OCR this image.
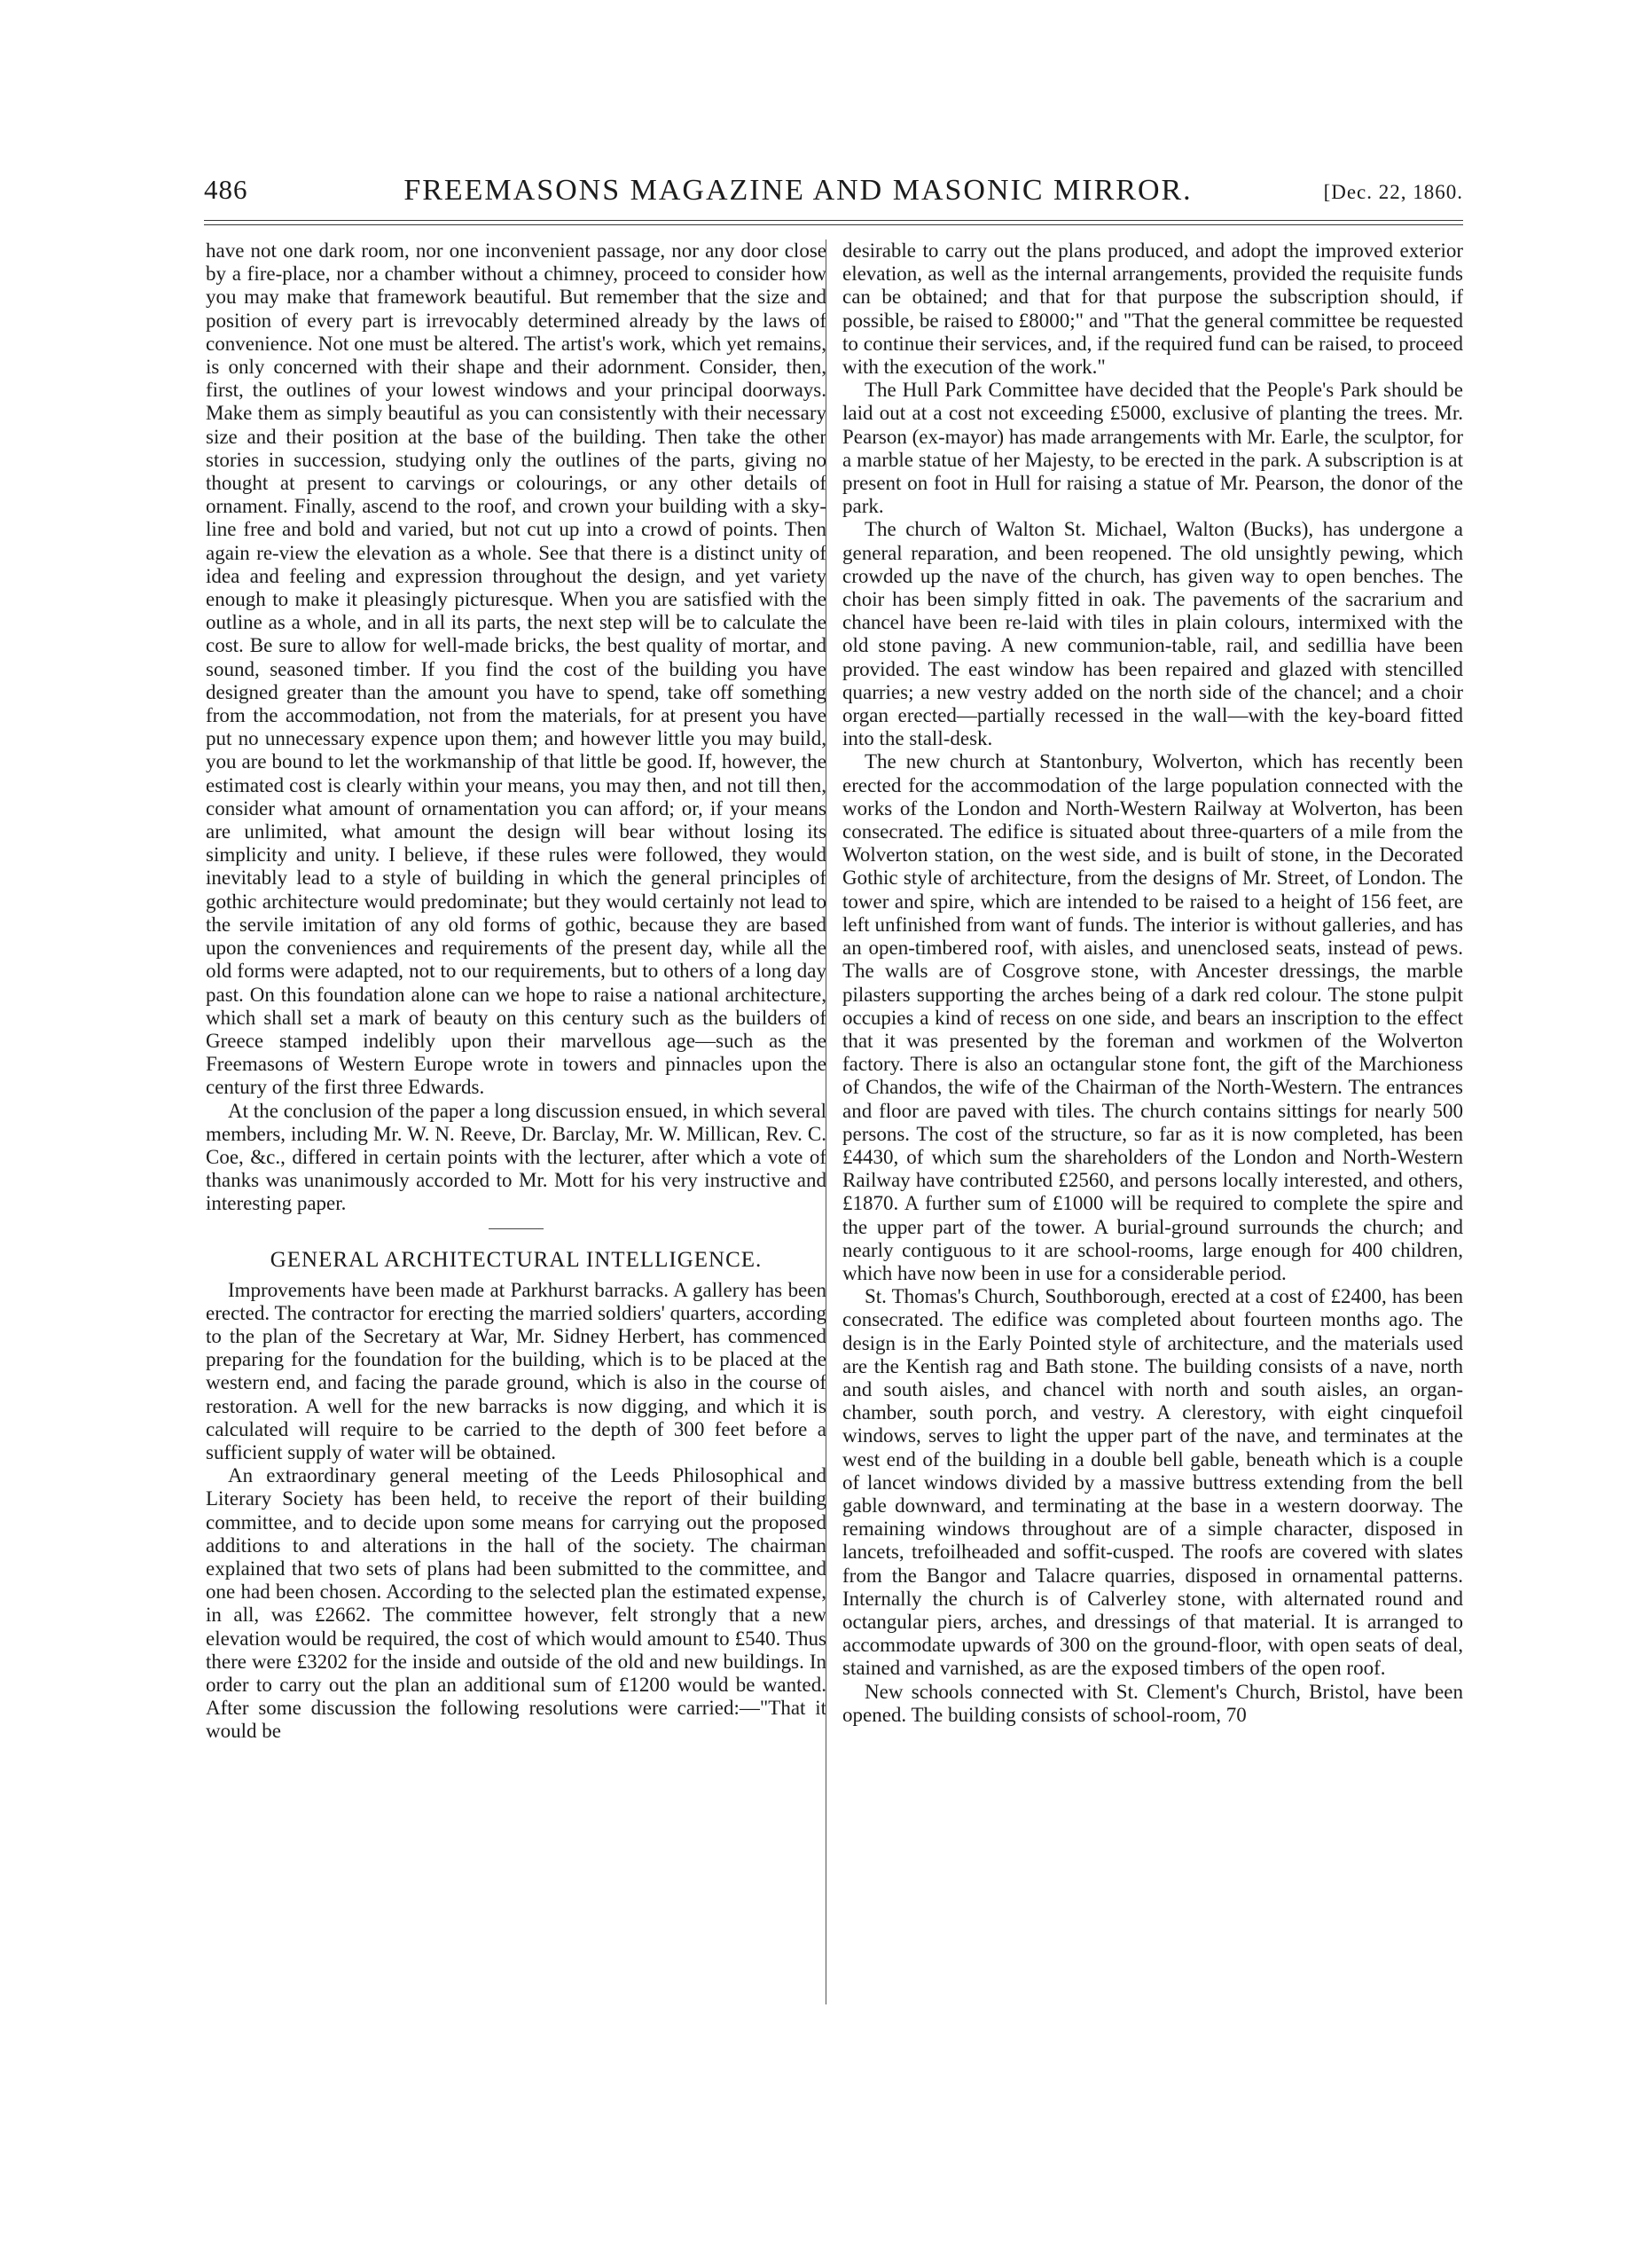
486	FREEMASONS MAGAZINE AND MASONIC MIRROR.	[Dec. 22, 1860.

have not one dark room, nor one inconvenient passage, nor any door close by a fire-place, nor a chamber without a chimney, proceed to consider how you may make that framework beautiful. But remember that the size and position of every part is irrevocably determined already by the laws of convenience. Not one must be altered. The artist's work, which yet remains, is only concerned with their shape and their adornment. Consider, then, first, the outlines of your lowest windows and your principal doorways. Make them as simply beautiful as you can consistently with their necessary size and their position at the base of the building. Then take the other stories in succession, studying only the outlines of the parts, giving no thought at present to carvings or colourings, or any other details of ornament. Finally, ascend to the roof, and crown your building with a sky-line free and bold and varied, but not cut up into a crowd of points. Then again re-view the elevation as a whole. See that there is a distinct unity of idea and feeling and expression throughout the design, and yet variety enough to make it pleasingly picturesque. When you are satisfied with the outline as a whole, and in all its parts, the next step will be to calculate the cost. Be sure to allow for well-made bricks, the best quality of mortar, and sound, seasoned timber. If you find the cost of the building you have designed greater than the amount you have to spend, take off something from the accommodation, not from the materials, for at present you have put no unnecessary expence upon them; and however little you may build, you are bound to let the workmanship of that little be good. If, however, the estimated cost is clearly within your means, you may then, and not till then, consider what amount of ornamentation you can afford; or, if your means are unlimited, what amount the design will bear without losing its simplicity and unity. I believe, if these rules were followed, they would inevitably lead to a style of building in which the general principles of gothic architecture would predominate; but they would certainly not lead to the servile imitation of any old forms of gothic, because they are based upon the conveniences and requirements of the present day, while all the old forms were adapted, not to our requirements, but to others of a long day past. On this foundation alone can we hope to raise a national architecture, which shall set a mark of beauty on this century such as the builders of Greece stamped indelibly upon their marvellous age—such as the Freemasons of Western Europe wrote in towers and pinnacles upon the century of the first three Edwards.

At the conclusion of the paper a long discussion ensued, in which several members, including Mr. W. N. Reeve, Dr. Barclay, Mr. W. Millican, Rev. C. Coe, &c., differed in certain points with the lecturer, after which a vote of thanks was unanimously accorded to Mr. Mott for his very instructive and interesting paper.

GENERAL ARCHITECTURAL INTELLIGENCE.

Improvements have been made at Parkhurst barracks. A gallery has been erected. The contractor for erecting the married soldiers' quarters, according to the plan of the Secretary at War, Mr. Sidney Herbert, has commenced preparing for the foundation for the building, which is to be placed at the western end, and facing the parade ground, which is also in the course of restoration. A well for the new barracks is now digging, and which it is calculated will require to be carried to the depth of 300 feet before a sufficient supply of water will be obtained.

An extraordinary general meeting of the Leeds Philosophical and Literary Society has been held, to receive the report of their building committee, and to decide upon some means for carrying out the proposed additions to and alterations in the hall of the society. The chairman explained that two sets of plans had been submitted to the committee, and one had been chosen. According to the selected plan the estimated expense, in all, was £2662. The committee however, felt strongly that a new elevation would be required, the cost of which would amount to £540. Thus there were £3202 for the inside and outside of the old and new buildings. In order to carry out the plan an additional sum of £1200 would be wanted. After some discussion the following resolutions were carried:—"That it would be

desirable to carry out the plans produced, and adopt the improved exterior elevation, as well as the internal arrangements, provided the requisite funds can be obtained; and that for that purpose the subscription should, if possible, be raised to £8000;" and "That the general committee be requested to continue their services, and, if the required fund can be raised, to proceed with the execution of the work."

The Hull Park Committee have decided that the People's Park should be laid out at a cost not exceeding £5000, exclusive of planting the trees. Mr. Pearson (ex-mayor) has made arrangements with Mr. Earle, the sculptor, for a marble statue of her Majesty, to be erected in the park. A subscription is at present on foot in Hull for raising a statue of Mr. Pearson, the donor of the park.

The church of Walton St. Michael, Walton (Bucks), has undergone a general reparation, and been reopened. The old unsightly pewing, which crowded up the nave of the church, has given way to open benches. The choir has been simply fitted in oak. The pavements of the sacrarium and chancel have been re-laid with tiles in plain colours, intermixed with the old stone paving. A new communion-table, rail, and sedillia have been provided. The east window has been repaired and glazed with stencilled quarries; a new vestry added on the north side of the chancel; and a choir organ erected—partially recessed in the wall—with the key-board fitted into the stall-desk.

The new church at Stantonbury, Wolverton, which has recently been erected for the accommodation of the large population connected with the works of the London and North-Western Railway at Wolverton, has been consecrated. The edifice is situated about three-quarters of a mile from the Wolverton station, on the west side, and is built of stone, in the Decorated Gothic style of architecture, from the designs of Mr. Street, of London. The tower and spire, which are intended to be raised to a height of 156 feet, are left unfinished from want of funds. The interior is without galleries, and has an open-timbered roof, with aisles, and unenclosed seats, instead of pews. The walls are of Cosgrove stone, with Ancester dressings, the marble pilasters supporting the arches being of a dark red colour. The stone pulpit occupies a kind of recess on one side, and bears an inscription to the effect that it was presented by the foreman and workmen of the Wolverton factory. There is also an octangular stone font, the gift of the Marchioness of Chandos, the wife of the Chairman of the North-Western. The entrances and floor are paved with tiles. The church contains sittings for nearly 500 persons. The cost of the structure, so far as it is now completed, has been £4430, of which sum the shareholders of the London and North-Western Railway have contributed £2560, and persons locally interested, and others, £1870. A further sum of £1000 will be required to complete the spire and the upper part of the tower. A burial-ground surrounds the church; and nearly contiguous to it are school-rooms, large enough for 400 children, which have now been in use for a considerable period.

St. Thomas's Church, Southborough, erected at a cost of £2400, has been consecrated. The edifice was completed about fourteen months ago. The design is in the Early Pointed style of architecture, and the materials used are the Kentish rag and Bath stone. The building consists of a nave, north and south aisles, and chancel with north and south aisles, an organ-chamber, south porch, and vestry. A clerestory, with eight cinquefoil windows, serves to light the upper part of the nave, and terminates at the west end of the building in a double bell gable, beneath which is a couple of lancet windows divided by a massive buttress extending from the bell gable downward, and terminating at the base in a western doorway. The remaining windows throughout are of a simple character, disposed in lancets, trefoilheaded and soffit-cusped. The roofs are covered with slates from the Bangor and Talacre quarries, disposed in ornamental patterns. Internally the church is of Calverley stone, with alternated round and octangular piers, arches, and dressings of that material. It is arranged to accommodate upwards of 300 on the ground-floor, with open seats of deal, stained and varnished, as are the exposed timbers of the open roof.

New schools connected with St. Clement's Church, Bristol, have been opened. The building consists of school-room, 70
